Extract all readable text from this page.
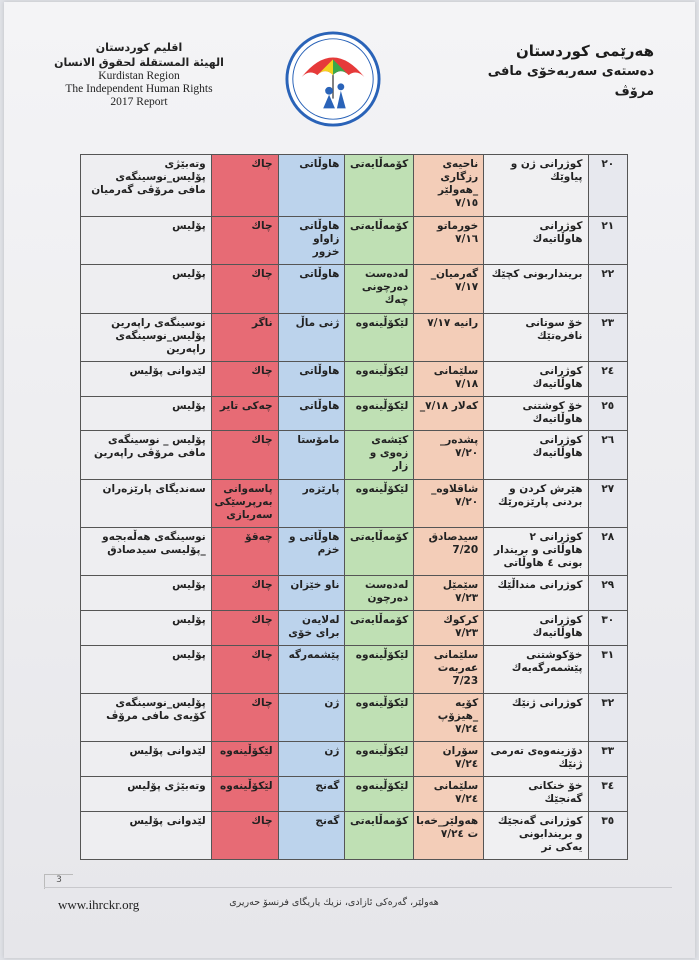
اقليم كوردستان
الهيئة المستقلة لحقوق الانسان
Kurdistan Region
The Independent Human Rights
2017 Report
هەرێمی كوردستان
دەستەی سەربەخۆی مافی مرۆڤ
3
www.ihrckr.org	هەولێر، گەرەكی ئازادی، نزیك یاریگای فرنسۆ حەریری
٢٠	كوژرانی ژن و پیاوێك	ناحیەی رزگاری _هەولێر ٧/١٥	كۆمەڵایەتی	هاوڵاتی	چاك	وتەبێژی پۆلیس_نوسینگەی مافی مرۆڤی گەرمیان

٢١	كوژرانی هاوڵاتیەك	خورماتو ٧/١٦	كۆمەڵایەتی	هاوڵاتی زاواو خزور	چاك	پۆلیس

٢٢	برینداربونی كچێك	گەرمیان_ ٧/١٧	لەدەست دەرچونی چەك	هاوڵاتی	چاك	پۆلیس

٢٣	خۆ سوتانی نافرەتێك	رانیە ٧/١٧	لێكۆڵینەوە	ژنی ماڵ	ناگر	نوسینگەی راپەرین پۆلیس_نوسینگەی راپەرین

٢٤	كوژرانی هاوڵاتیەك	سلێمانی ٧/١٨	لێكۆڵینەوە	هاوڵاتی	چاك	لێدوانی پۆلیس

٢٥	خۆ كوشتنی هاوڵاتیەك	كەلار ٧/١٨_	لێكۆڵینەوە	هاوڵاتی	چەكی تایر	پۆلیس

٢٦	كوژرانی هاوڵاتیەك	پشدەر_ ٧/٢٠	كێشەی زەوی و زار	مامۆستا	چاك	پۆلیس _ نوسینگەی مافی مرۆڤی راپەرین

٢٧	هێرش كردن و بردنی پارێزەرێك	شاقلاوە_ ٧/٢٠	لێكۆڵینەوە	پارێزەر	پاسەوانی بەرپرسێكی سەربازی	سەندیگای پارێزەران

٢٨	كوژرانی ٢ هاوڵاتی و بریندار بونی ٤ هاوڵاتی	سیدصادق 7/20	كۆمەڵایەتی	هاوڵاتی و خزم	چەقۆ	نوسینگەی هەڵەبجەو _پۆلیسی سیدصادق

٢٩	كوژرانی منداڵێك	سێمێل ٧/٢٣	لەدەست دەرچون	ناو خێزان	چاك	پۆلیس

٣٠	كوژرانی هاوڵاتیەك	كركوك ٧/٢٣	كۆمەڵایەتی	لەلایەن برای خۆی	چاك	پۆلیس

٣١	خۆكوشتنی پێشمەرگەیەك	سلێمانی عەربەت 7/23	لێكۆڵینەوە	پێشمەرگە	چاك	پۆلیس

٣٢	كوژرانی ژنێك	كۆیە _هیزۆپ ٧/٢٤	لێكۆڵینەوە	ژن	چاك	پۆلیس_نوسینگەی كۆیەی مافی مرۆڤ

٣٣	دۆزینەوەی تەرمی ژنێك	سۆران ٧/٢٤	لێكۆڵینەوە	ژن	لێكۆڵینەوە	لێدوانی پۆلیس

٣٤	خۆ خنكانی گەنجێك	سلێمانی ٧/٢٤	لێكۆڵینەوە	گەنج	لێكۆڵینەوە	وتەبێژی پۆلیس

٣٥	كوژرانی گەنجێك و بریندابونی یەكی تر	هەولێر_خەبا ت ٧/٢٤	كۆمەڵایەتی	گەنج	چاك	لێدوانی پۆلیس
